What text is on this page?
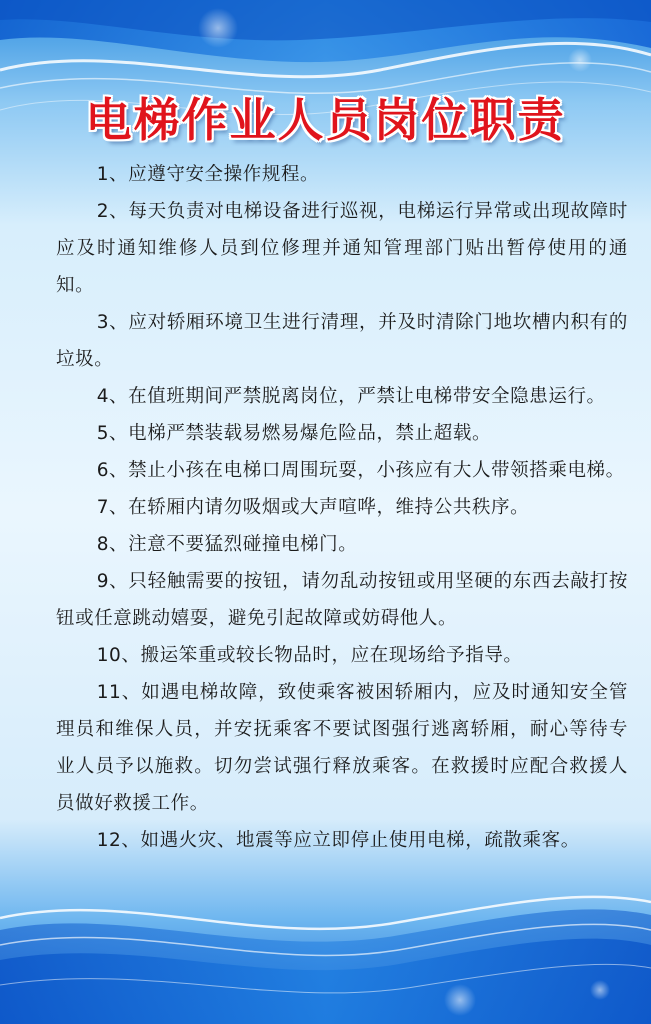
电梯作业人员岗位职责

1、应遵守安全操作规程。

2、每天负责对电梯设备进行巡视，电梯运行异常或出现故障时应及时通知维修人员到位修理并通知管理部门贴出暂停使用的通知。

3、应对轿厢环境卫生进行清理，并及时清除门地坎槽内积有的垃圾。

4、在值班期间严禁脱离岗位，严禁让电梯带安全隐患运行。

5、电梯严禁装载易燃易爆危险品，禁止超载。

6、禁止小孩在电梯口周围玩耍，小孩应有大人带领搭乘电梯。

7、在轿厢内请勿吸烟或大声喧哗，维持公共秩序。

8、注意不要猛烈碰撞电梯门。

9、只轻触需要的按钮，请勿乱动按钮或用坚硬的东西去敲打按钮或任意跳动嬉耍，避免引起故障或妨碍他人。

10、搬运笨重或较长物品时，应在现场给予指导。

11、如遇电梯故障，致使乘客被困轿厢内，应及时通知安全管理员和维保人员，并安抚乘客不要试图强行逃离轿厢，耐心等待专业人员予以施救。切勿尝试强行释放乘客。在救援时应配合救援人员做好救援工作。

12、如遇火灾、地震等应立即停止使用电梯，疏散乘客。
